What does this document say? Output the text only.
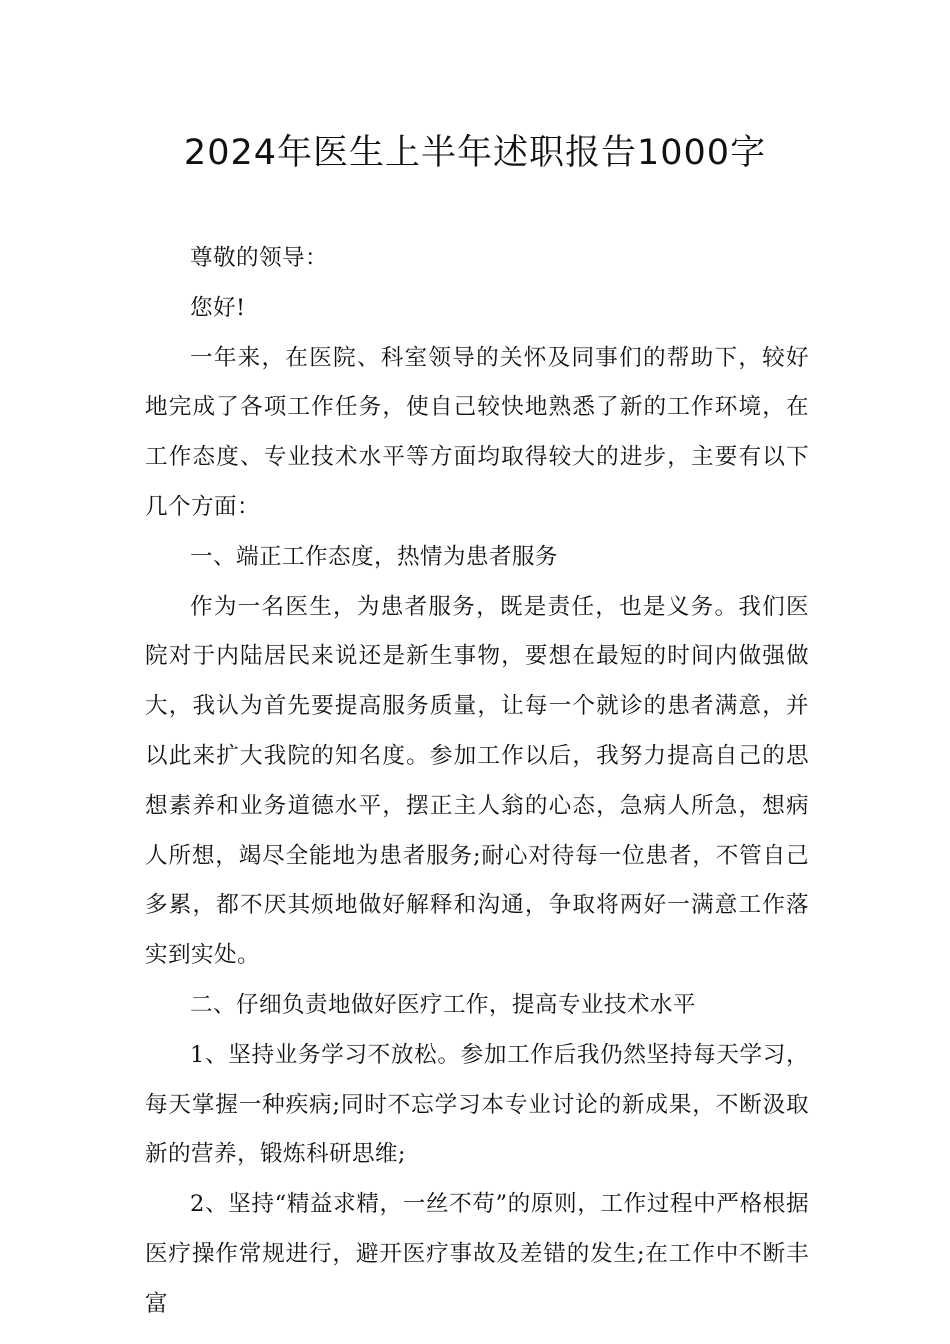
2024年医生上半年述职报告1000字

尊敬的领导：

您好!

一年来，在医院、科室领导的关怀及同事们的帮助下，较好地完成了各项工作任务，使自己较快地熟悉了新的工作环境，在工作态度、专业技术水平等方面均取得较大的进步，主要有以下几个方面：

一、端正工作态度，热情为患者服务

作为一名医生，为患者服务，既是责任，也是义务。我们医院对于内陆居民来说还是新生事物，要想在最短的时间内做强做大，我认为首先要提高服务质量，让每一个就诊的患者满意，并以此来扩大我院的知名度。参加工作以后，我努力提高自己的思想素养和业务道德水平，摆正主人翁的心态，急病人所急，想病人所想，竭尽全能地为患者服务;耐心对待每一位患者，不管自己多累，都不厌其烦地做好解释和沟通，争取将两好一满意工作落实到实处。

二、仔细负责地做好医疗工作，提高专业技术水平

1、坚持业务学习不放松。参加工作后我仍然坚持每天学习，每天掌握一种疾病;同时不忘学习本专业讨论的新成果，不断汲取新的营养，锻炼科研思维;

2、坚持“精益求精，一丝不苟”的原则，工作过程中严格根据医疗操作常规进行，避开医疗事故及差错的发生;在工作中不断丰富
